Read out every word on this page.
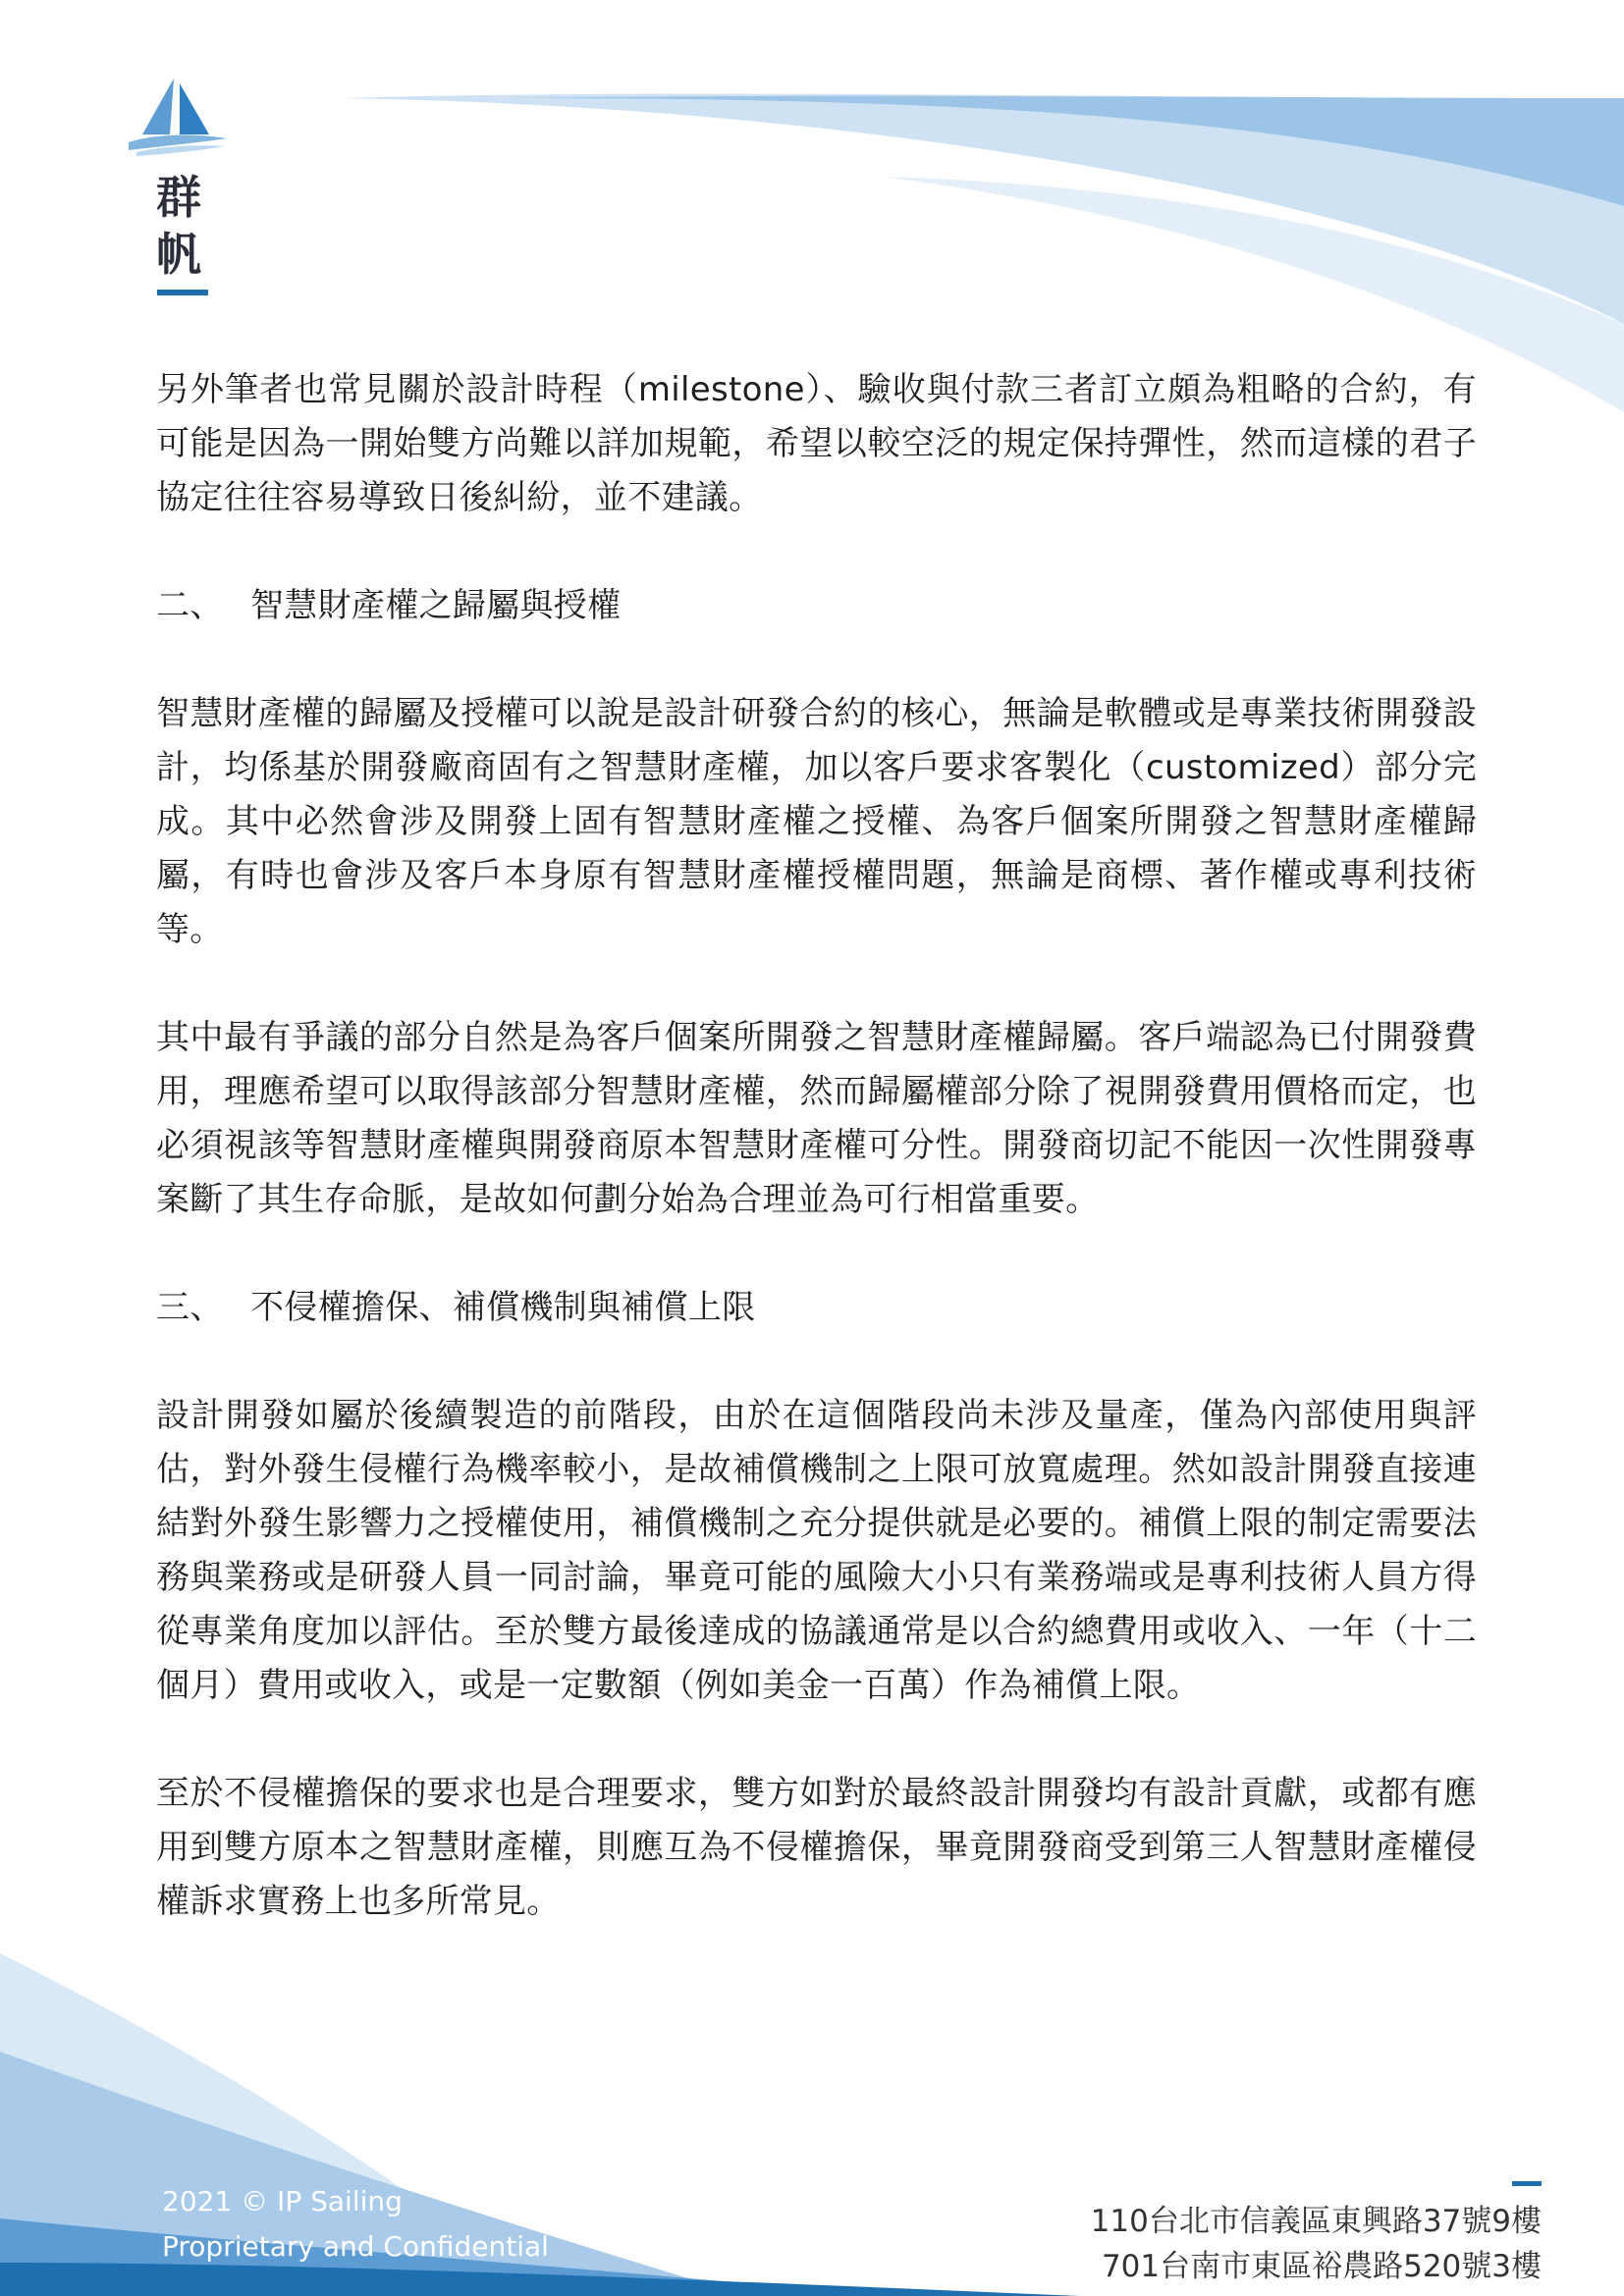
群
帆

另外筆者也常見關於設計時程（milestone）、驗收與付款三者訂立頗為粗略的合約，有可能是因為一開始雙方尚難以詳加規範，希望以較空泛的規定保持彈性，然而這樣的君子協定往往容易導致日後糾紛，並不建議。

二、 智慧財產權之歸屬與授權

智慧財產權的歸屬及授權可以說是設計研發合約的核心，無論是軟體或是專業技術開發設計，均係基於開發廠商固有之智慧財產權，加以客戶要求客製化（customized）部分完成。其中必然會涉及開發上固有智慧財產權之授權、為客戶個案所開發之智慧財產權歸屬，有時也會涉及客戶本身原有智慧財產權授權問題，無論是商標、著作權或專利技術等。

其中最有爭議的部分自然是為客戶個案所開發之智慧財產權歸屬。客戶端認為已付開發費用，理應希望可以取得該部分智慧財產權，然而歸屬權部分除了視開發費用價格而定，也必須視該等智慧財產權與開發商原本智慧財產權可分性。開發商切記不能因一次性開發專案斷了其生存命脈，是故如何劃分始為合理並為可行相當重要。

三、 不侵權擔保、補償機制與補償上限

設計開發如屬於後續製造的前階段，由於在這個階段尚未涉及量產，僅為內部使用與評估，對外發生侵權行為機率較小，是故補償機制之上限可放寬處理。然如設計開發直接連結對外發生影響力之授權使用，補償機制之充分提供就是必要的。補償上限的制定需要法務與業務或是研發人員一同討論，畢竟可能的風險大小只有業務端或是專利技術人員方得從專業角度加以評估。至於雙方最後達成的協議通常是以合約總費用或收入、一年（十二個月）費用或收入，或是一定數額（例如美金一百萬）作為補償上限。

至於不侵權擔保的要求也是合理要求，雙方如對於最終設計開發均有設計貢獻，或都有應用到雙方原本之智慧財產權，則應互為不侵權擔保，畢竟開發商受到第三人智慧財產權侵權訴求實務上也多所常見。

2021 © IP Sailing
Proprietary and Confidential
110台北市信義區東興路37號9樓
701台南市東區裕農路520號3樓
